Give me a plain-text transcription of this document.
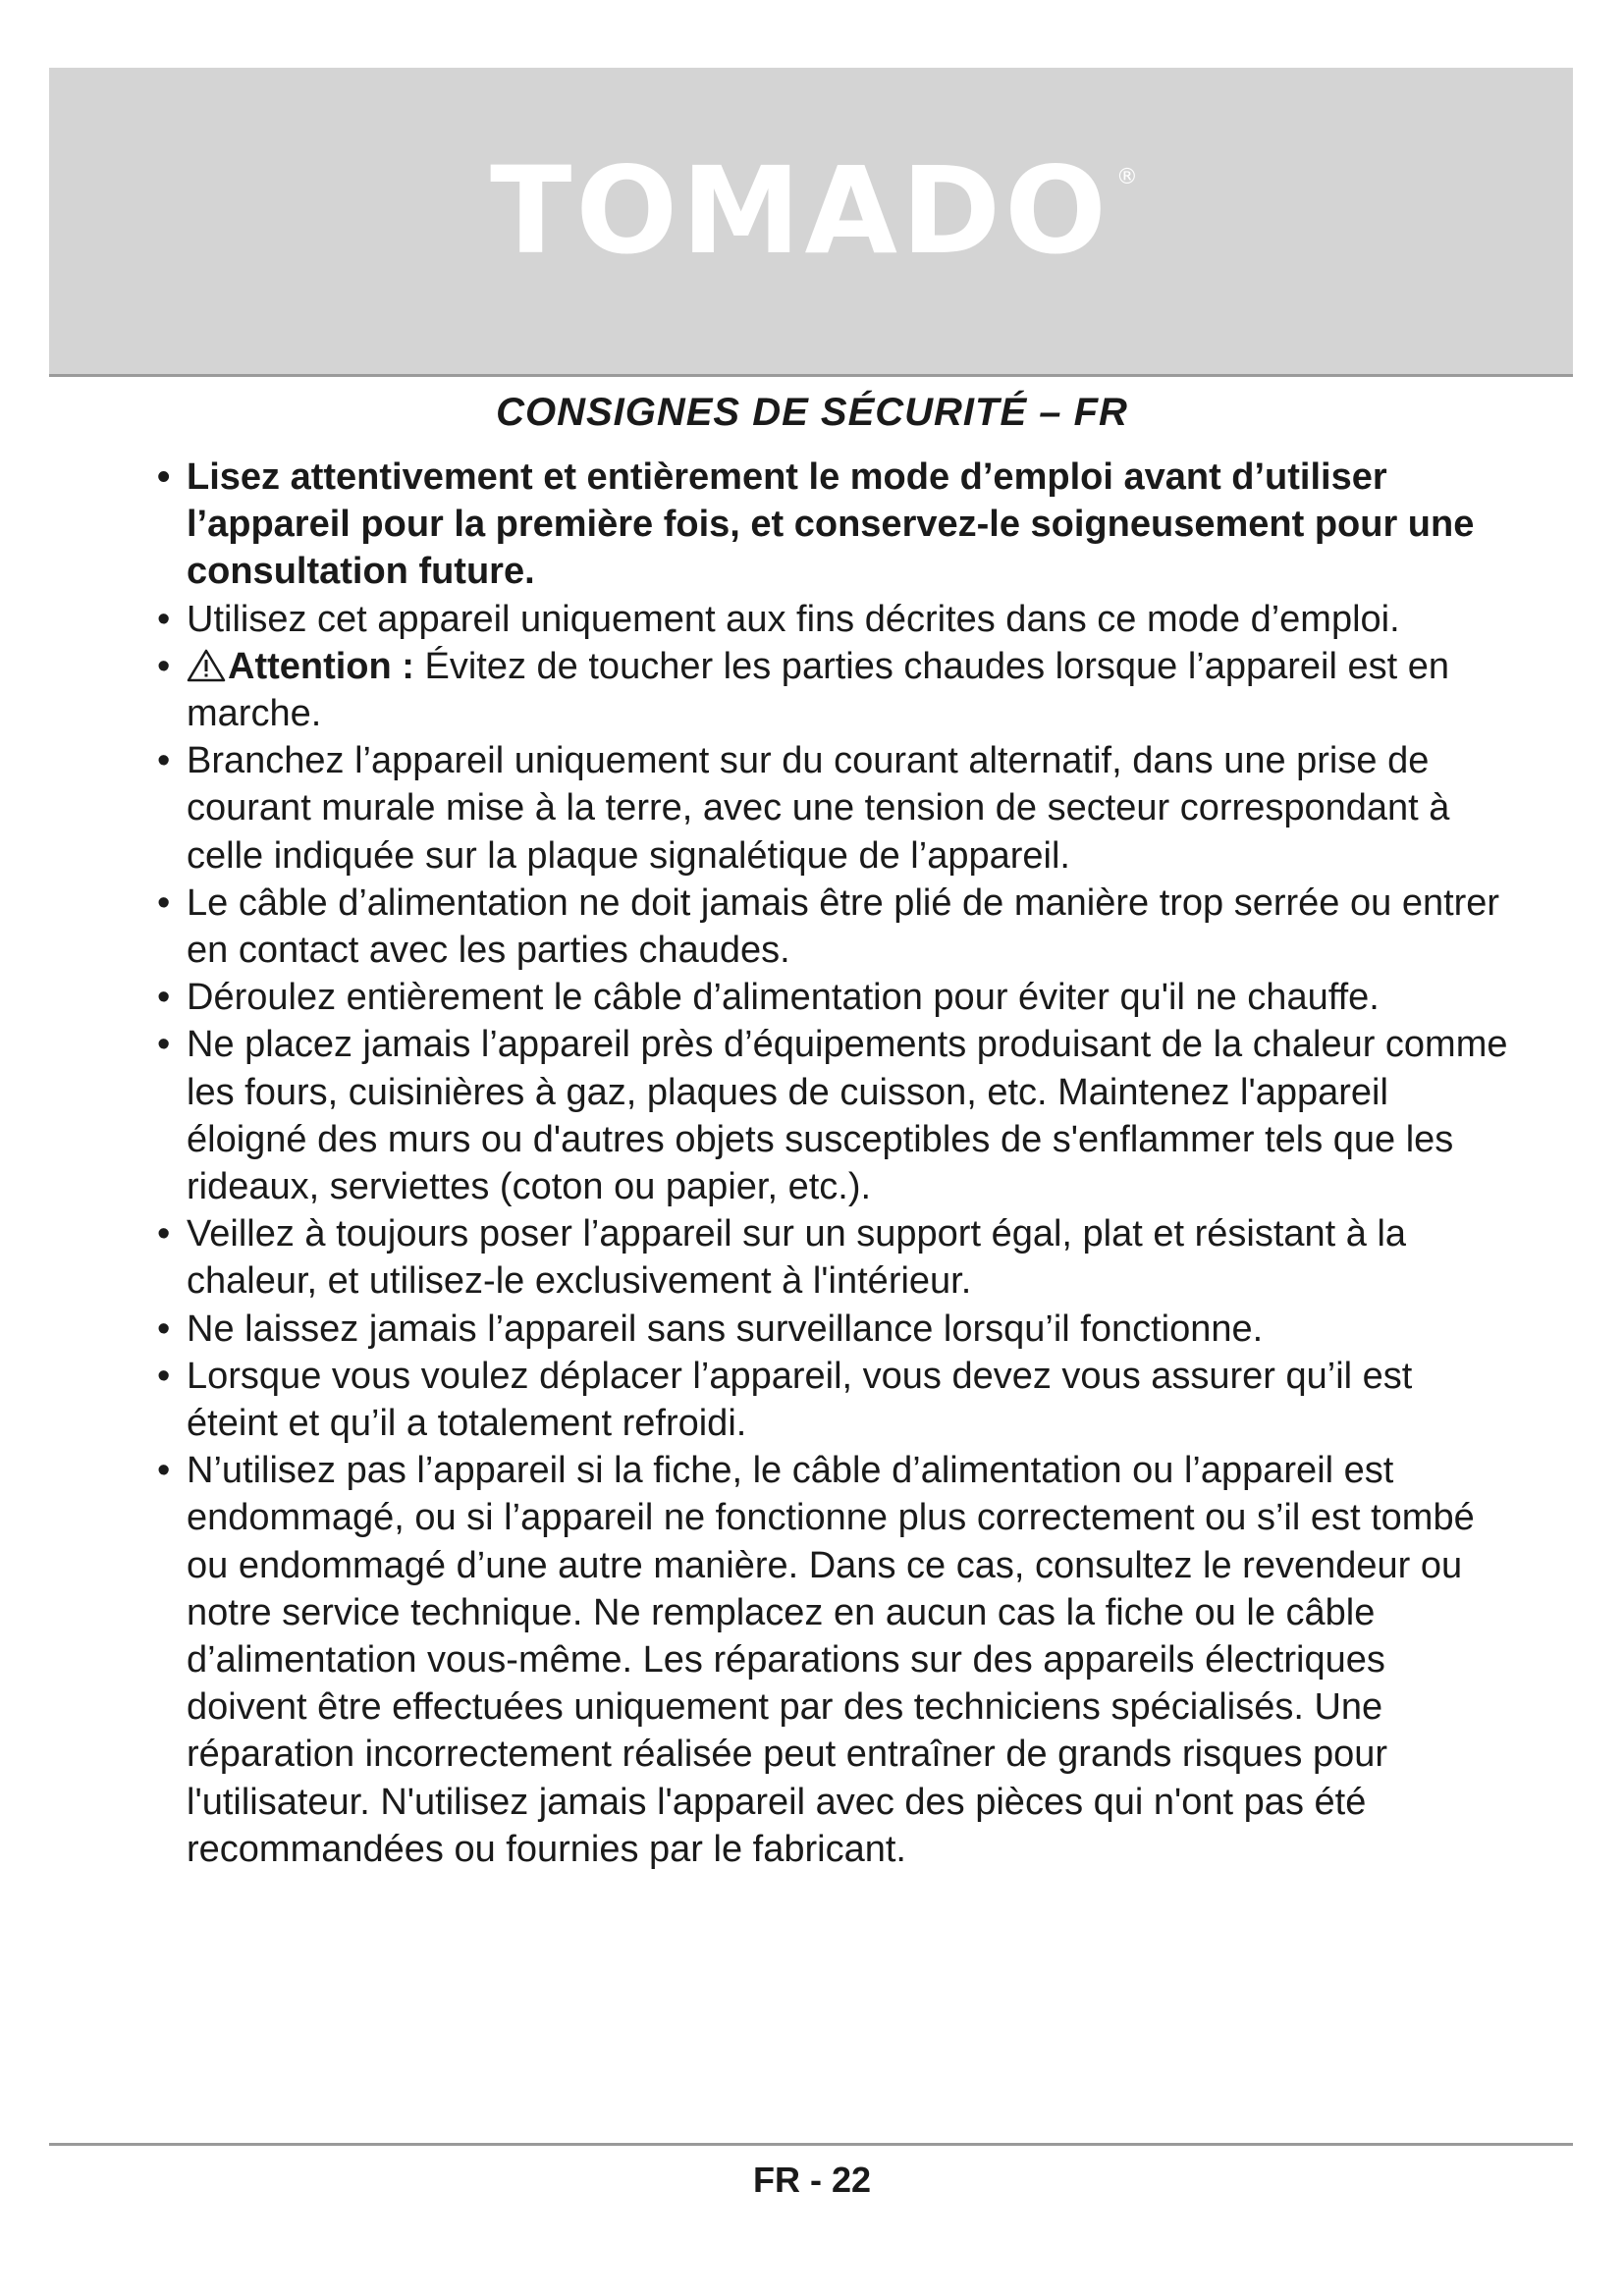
TOMADO ®
CONSIGNES DE SÉCURITÉ – FR
• Lisez attentivement et entièrement le mode d’emploi avant d’utiliser l’appareil pour la première fois, et conservez-le soigneusement pour une consultation future.
• Utilisez cet appareil uniquement aux fins décrites dans ce mode d’emploi.
• Attention : Évitez de toucher les parties chaudes lorsque l’appareil est en marche.
• Branchez l’appareil uniquement sur du courant alternatif, dans une prise de courant murale mise à la terre, avec une tension de secteur correspondant à celle indiquée sur la plaque signalétique de l’appareil.
• Le câble d’alimentation ne doit jamais être plié de manière trop serrée ou entrer en contact avec les parties chaudes.
• Déroulez entièrement le câble d’alimentation pour éviter qu'il ne chauffe.
• Ne placez jamais l’appareil près d’équipements produisant de la chaleur comme les fours, cuisinières à gaz, plaques de cuisson, etc. Maintenez l'appareil éloigné des murs ou d'autres objets susceptibles de s'enflammer tels que les rideaux, serviettes (coton ou papier, etc.).
• Veillez à toujours poser l’appareil sur un support égal, plat et résistant à la chaleur, et utilisez-le exclusivement à l'intérieur.
• Ne laissez jamais l’appareil sans surveillance lorsqu’il fonctionne.
• Lorsque vous voulez déplacer l’appareil, vous devez vous assurer qu’il est éteint et qu’il a totalement refroidi.
• N’utilisez pas l’appareil si la fiche, le câble d’alimentation ou l’appareil est endommagé, ou si l’appareil ne fonctionne plus correctement ou s’il est tombé ou endommagé d’une autre manière. Dans ce cas, consultez le revendeur ou notre service technique. Ne remplacez en aucun cas la fiche ou le câble d’alimentation vous-même. Les réparations sur des appareils électriques doivent être effectuées uniquement par des techniciens spécialisés. Une réparation incorrectement réalisée peut entraîner de grands risques pour l'utilisateur. N'utilisez jamais l'appareil avec des pièces qui n'ont pas été recommandées ou fournies par le fabricant.
FR - 22
